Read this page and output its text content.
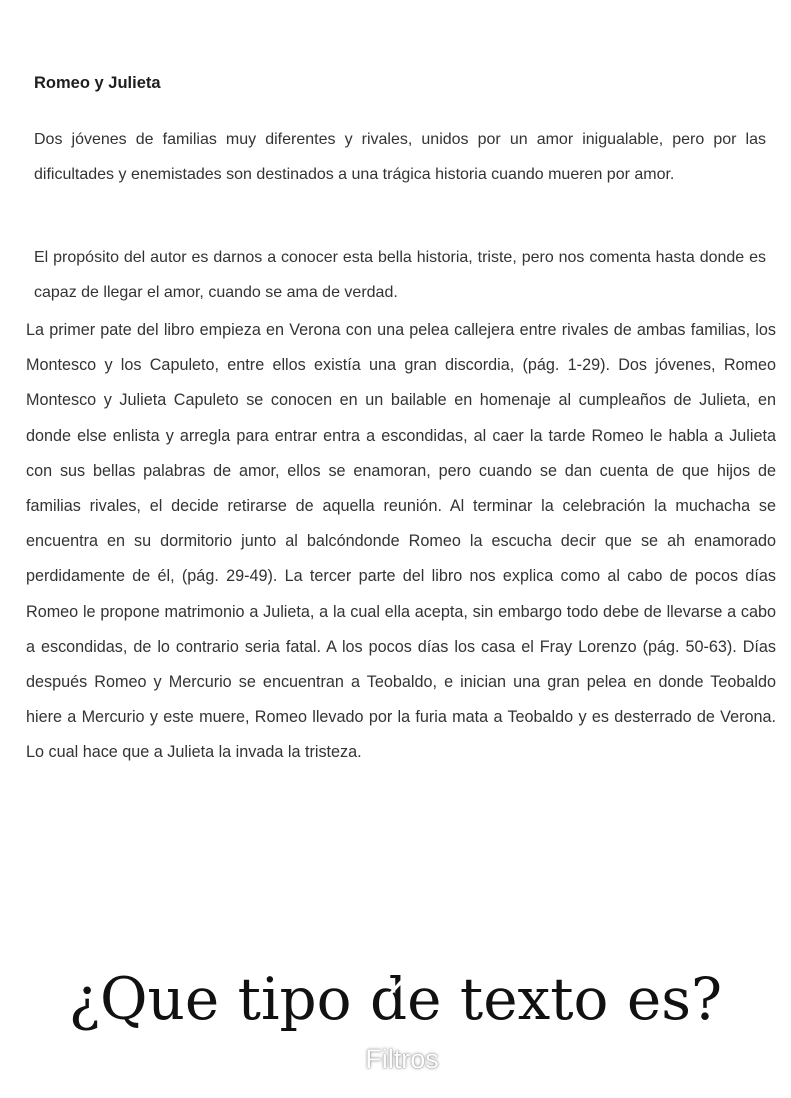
Romeo y Julieta

Dos jóvenes de familias muy diferentes y rivales, unidos por un amor inigualable, pero por las dificultades y enemistades son destinados a una trágica historia cuando mueren por amor.

El propósito del autor es darnos a conocer esta bella historia, triste, pero nos comenta hasta donde es capaz de llegar el amor, cuando se ama de verdad.

La primer pate del libro empieza en Verona con una pelea callejera entre rivales de ambas familias, los Montesco y los Capuleto, entre ellos existía una gran discordia, (pág. 1-29). Dos jóvenes, Romeo Montesco y Julieta Capuleto se conocen en un bailable en homenaje al cumpleaños de Julieta, en donde else enlista y arregla para entrar entra a escondidas, al caer la tarde Romeo le habla a Julieta con sus bellas palabras de amor, ellos se enamoran, pero cuando se dan cuenta de que hijos de familias rivales, el decide retirarse de aquella reunión. Al terminar la celebración la muchacha se encuentra en su dormitorio junto al balcóndonde Romeo la escucha decir que se ah enamorado perdidamente de él, (pág. 29-49). La tercer parte del libro nos explica como al cabo de pocos días Romeo le propone matrimonio a Julieta, a la cual ella acepta, sin embargo todo debe de llevarse a cabo a escondidas, de lo contrario seria fatal. A los pocos días los casa el Fray Lorenzo (pág. 50-63). Días después Romeo y Mercurio se encuentran a Teobaldo, e inician una gran pelea en donde Teobaldo hiere a Mercurio y este muere, Romeo llevado por la furia mata a Teobaldo y es desterrado de Verona. Lo cual hace que a Julieta la invada la tristeza.

¿Que tipo de texto es?

Filtros
